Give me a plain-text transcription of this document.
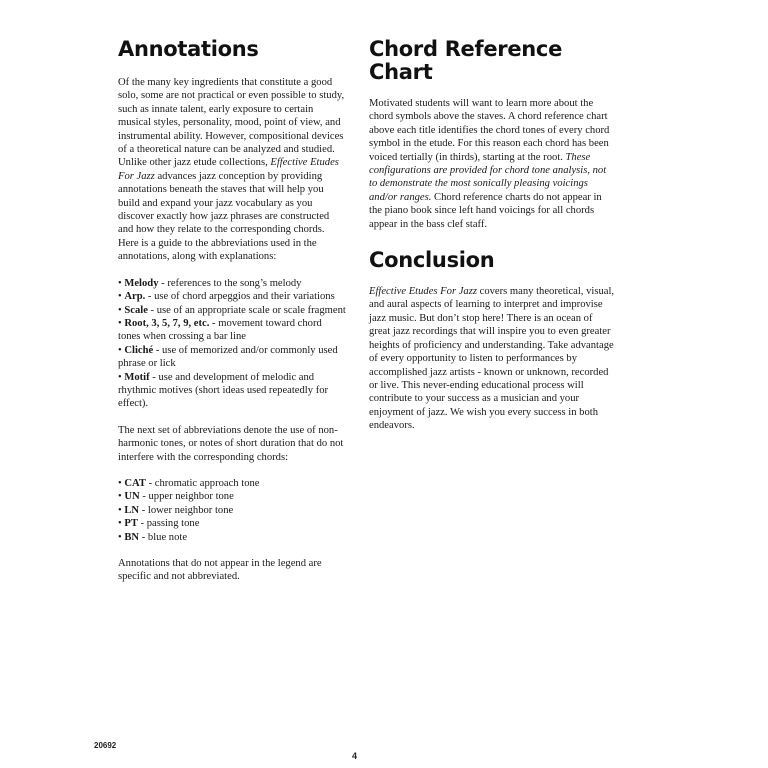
Annotations

Of the many key ingredients that constitute a good solo, some are not practical or even possible to study, such as innate talent, early exposure to certain musical styles, personality, mood, point of view, and instrumental ability. However, compositional devices of a theoretical nature can be analyzed and studied. Unlike other jazz etude collections, Effective Etudes For Jazz advances jazz conception by providing annotations beneath the staves that will help you build and expand your jazz vocabulary as you discover exactly how jazz phrases are constructed and how they relate to the corresponding chords. Here is a guide to the abbreviations used in the annotations, along with explanations:

• Melody - references to the song’s melody
• Arp. - use of chord arpeggios and their variations
• Scale - use of an appropriate scale or scale fragment
• Root, 3, 5, 7, 9, etc. - movement toward chord tones when crossing a bar line
• Cliché - use of memorized and/or commonly used phrase or lick
• Motif - use and development of melodic and rhythmic motives (short ideas used repeatedly for effect).

The next set of abbreviations denote the use of non-harmonic tones, or notes of short duration that do not interfere with the corresponding chords:

• CAT - chromatic approach tone
• UN - upper neighbor tone
• LN - lower neighbor tone
• PT - passing tone
• BN - blue note

Annotations that do not appear in the legend are specific and not abbreviated.

Chord Reference
Chart

Motivated students will want to learn more about the chord symbols above the staves. A chord reference chart above each title identifies the chord tones of every chord symbol in the etude. For this reason each chord has been voiced tertially (in thirds), starting at the root. These configurations are provided for chord tone analysis, not to demonstrate the most sonically pleasing voicings and/or ranges. Chord reference charts do not appear in the piano book since left hand voicings for all chords appear in the bass clef staff.

Conclusion

Effective Etudes For Jazz covers many theoretical, visual, and aural aspects of learning to interpret and improvise jazz music. But don’t stop here! There is an ocean of great jazz recordings that will inspire you to even greater heights of proficiency and understanding. Take advantage of every opportunity to listen to performances by accomplished jazz artists - known or unknown, recorded or live. This never-ending educational process will contribute to your success as a musician and your enjoyment of jazz. We wish you every success in both endeavors.

20692
4
